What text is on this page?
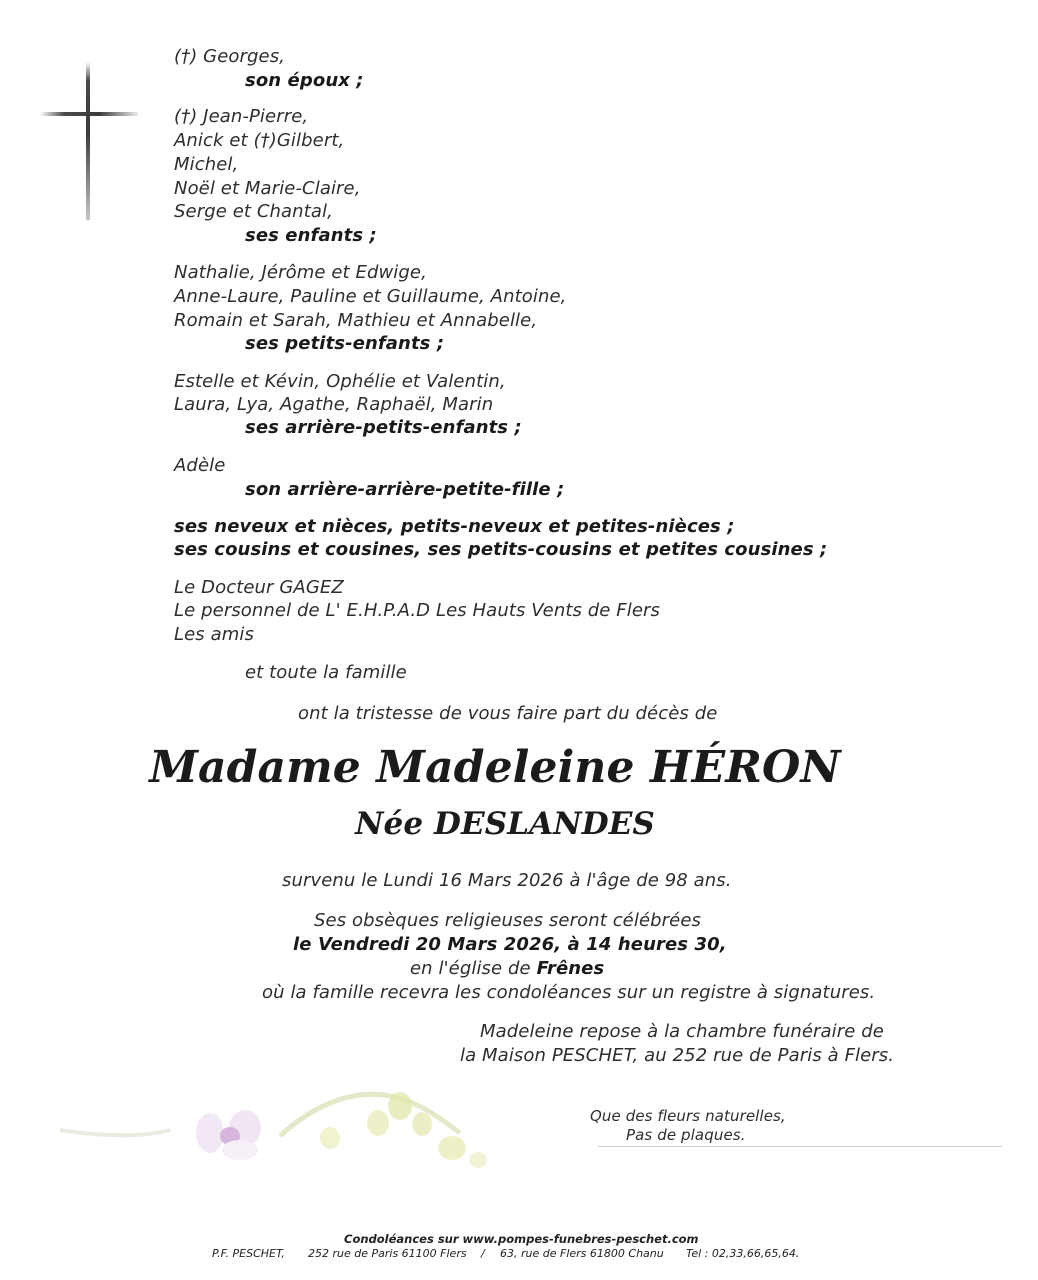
(†) Georges,
son époux ;
(†) Jean-Pierre,
Anick et (†)Gilbert,
Michel,
Noël et Marie-Claire,
Serge et Chantal,
ses enfants ;
Nathalie, Jérôme et Edwige,
Anne-Laure, Pauline et Guillaume, Antoine,
Romain et Sarah, Mathieu et Annabelle,
ses petits-enfants ;
Estelle et Kévin, Ophélie et Valentin,
Laura, Lya, Agathe, Raphaël, Marin
ses arrière-petits-enfants ;
Adèle
son arrière-arrière-petite-fille ;
ses neveux et nièces, petits-neveux et petites-nièces ;
ses cousins et cousines, ses petits-cousins et petites cousines ;
Le Docteur GAGEZ
Le personnel de L' E.H.P.A.D Les Hauts Vents de Flers
Les amis
et toute la famille
ont la tristesse de vous faire part du décès de
Madame Madeleine HÉRON
Née DESLANDES
survenu le Lundi 16 Mars 2026 à l'âge de 98 ans.
Ses obsèques religieuses seront célébrées
le Vendredi 20 Mars 2026, à 14 heures 30,
en l'église de Frênes
où la famille recevra les condoléances sur un registre à signatures.
Madeleine repose à la chambre funéraire de
la Maison PESCHET, au 252 rue de Paris à Flers.
Que des fleurs naturelles,
Pas de plaques.
Condoléances sur www.pompes-funebres-peschet.com
P.F. PESCHET, 252 rue de Paris 61100 Flers / 63, rue de Flers 61800 Chanu Tel : 02,33,66,65,64.
